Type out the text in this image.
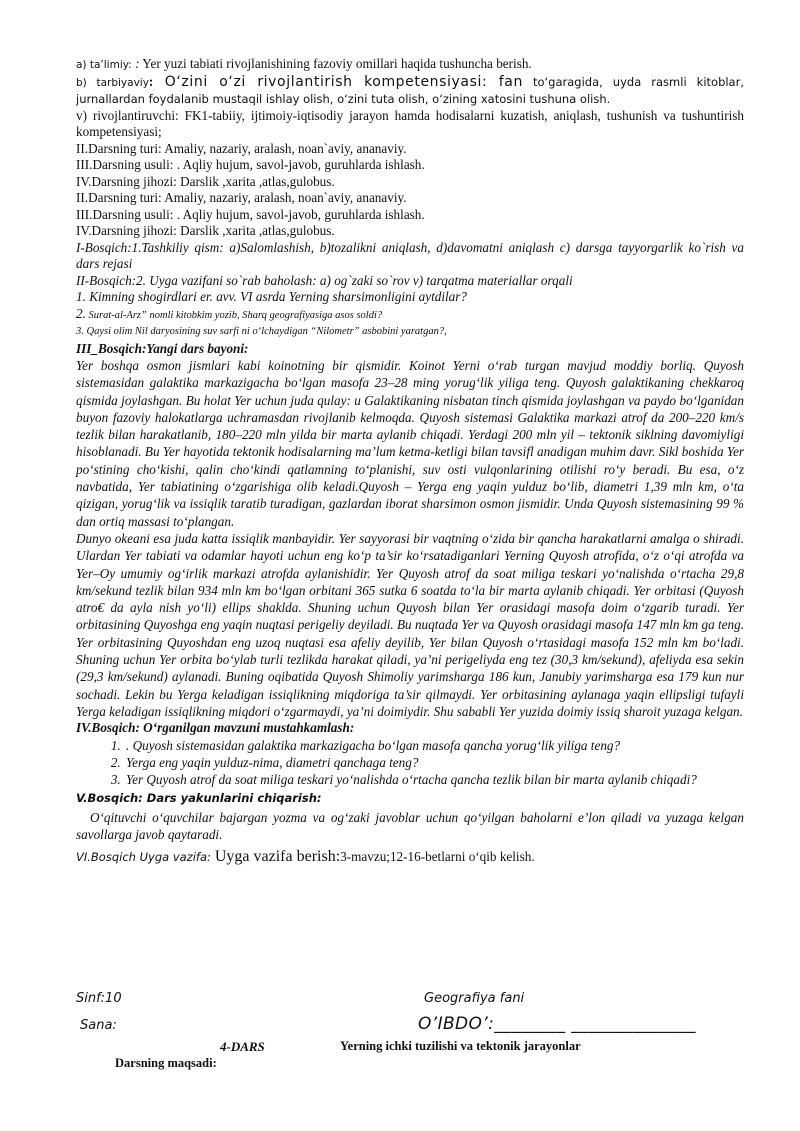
a) ta’limiy: : Yer yuzi tabiati rivojlanishining fazoviy omillari haqida tushuncha berish.

b) tarbiyaviy: O‘zini o‘zi rivojlantirish kompetensiyasi: fan to‘garagida, uyda rasmli kitoblar, jurnallardan foydalanib mustaqil ishlay olish, o‘zini tuta olish, o‘zining xatosini tushuna olish.

v) rivojlantiruvchi: FK1-tabiiy, ijtimoiy-iqtisodiy jarayon hamda hodisalarni kuzatish, aniqlash, tushunish va tushuntirish kompetensiyasi;

II.Darsning turi: Amaliy, nazariy, aralash, noan`aviy, ananaviy.

III.Darsning usuli: . Aqliy hujum, savol-javob, guruhlarda ishlash.

IV.Darsning jihozi: Darslik ,xarita ,atlas,gulobus.

II.Darsning turi: Amaliy, nazariy, aralash, noan`aviy, ananaviy.

III.Darsning usuli: . Aqliy hujum, savol-javob, guruhlarda ishlash.

IV.Darsning jihozi: Darslik ,xarita ,atlas,gulobus.

I-Bosqich:1.Tashkiliy qism: a)Salomlashish, b)tozalikni aniqlash, d)davomatni aniqlash c) darsga tayyorgarlik ko`rish va dars rejasi

II-Bosqich:2. Uyga vazifani so`rab baholash: a) og`zaki so`rov v) tarqatma materiallar orqali

1. Kimning shogirdlari er. avv. VI asrda Yerning sharsimonligini aytdilar?

2. Surat-al-Arz” nomli kitobkim yozib, Sharq geografiyasiga asos soldi?

3. Qaysi olim Nil daryosining suv sarfi ni o‘lchaydigan “Nilometr” asbobini yaratgan?,

III_Bosqich:Yangi dars bayoni:

Yer boshqa osmon jismlari kabi koinotning bir qismidir. Koinot Yerni o‘rab turgan mavjud moddiy borliq. Quyosh sistemasidan galaktika markazigacha bo‘lgan masofa 23–28 ming yorug‘lik yiliga teng. Quyosh galaktikaning chekkaroq qismida joylashgan. Bu holat Yer uchun juda qulay: u Galaktikaning nisbatan tinch qismida joylashgan va paydo bo‘lganidan buyon fazoviy halokatlarga uchramasdan rivojlanib kelmoqda. Quyosh sistemasi Galaktika markazi atrof da 200–220 km/s tezlik bilan harakatlanib, 180–220 mln yilda bir marta aylanib chiqadi. Yerdagi 200 mln yil – tektonik siklning davomiyligi hisoblanadi. Bu Yer hayotida tektonik hodisalarning ma’lum ketma-ketligi bilan tavsifl anadigan muhim davr. Sikl boshida Yer po‘stining cho‘kishi, qalin cho‘kindi qatlamning to‘planishi, suv osti vulqonlarining otilishi ro‘y beradi. Bu esa, o‘z navbatida, Yer tabiatining o‘zgarishiga olib keladi.Quyosh – Yerga eng yaqin yulduz bo‘lib, diametri 1,39 mln km, o‘ta qizigan, yorug‘lik va issiqlik taratib turadigan, gazlardan iborat sharsimon osmon jismidir. Unda Quyosh sistemasining 99 % dan ortiq massasi to‘plangan.

Dunyo okeani esa juda katta issiqlik manbayidir. Yer sayyorasi bir vaqtning o‘zida bir qancha harakatlarni amalga o shiradi. Ulardan Yer tabiati va odamlar hayoti uchun eng ko‘p ta’sir ko‘rsatadiganlari Yerning Quyosh atrofida, o‘z o‘qi atrofda va Yer–Oy umumiy og‘irlik markazi atrofda aylanishidir. Yer Quyosh atrof da soat miliga teskari yo‘nalishda o‘rtacha 29,8 km/sekund tezlik bilan 934 mln km bo‘lgan orbitani 365 sutka 6 soatda to‘la bir marta aylanib chiqadi. Yer orbitasi (Quyosh atro€ da ayla nish yo‘li) ellips shaklda. Shuning uchun Quyosh bilan Yer orasidagi masofa doim o‘zgarib turadi. Yer orbitasining Quyoshga eng yaqin nuqtasi perigeliy deyiladi. Bu nuqtada Yer va Quyosh orasidagi masofa 147 mln km ga teng. Yer orbitasining Quyoshdan eng uzoq nuqtasi esa afeliy deyilib, Yer bilan Quyosh o‘rtasidagi masofa 152 mln km bo‘ladi. Shuning uchun Yer orbita bo‘ylab turli tezlikda harakat qiladi, ya’ni perigeliyda eng tez (30,3 km/sekund), afeliyda esa sekin (29,3 km/sekund) aylanadi. Buning oqibatida Quyosh Shimoliy yarimsharga 186 kun, Janubiy yarimsharga esa 179 kun nur sochadi. Lekin bu Yerga keladigan issiqlikning miqdoriga ta’sir qilmaydi. Yer orbitasining aylanaga yaqin ellipsligi tufayli Yerga keladigan issiqlikning miqdori o‘zgarmaydi, ya’ni doimiydir. Shu sababli Yer yuzida doimiy issiq sharoit yuzaga kelgan.

IV.Bosqich: O‘rganilgan mavzuni mustahkamlash:

1. . Quyosh sistemasidan galaktika markazigacha bo‘lgan masofa qancha yorug‘lik yiliga teng?
2. Yerga eng yaqin yulduz-nima, diametri qanchaga teng?
3. Yer Quyosh atrof da soat miliga teskari yo‘nalishda o‘rtacha qancha tezlik bilan bir marta aylanib chiqadi?

V.Bosqich: Dars yakunlarini chiqarish:

O‘qituvchi o‘quvchilar bajargan yozma va og‘zaki javoblar uchun qo‘yilgan baholarni e’lon qiladi va yuzaga kelgan savollarga javob qaytaradi.

VI.Bosqich Uyga vazifa: Uyga vazifa berish:3-mavzu;12-16-betlarni o‘qib kelish.

Sinf:10	Geografiya fani
Sana:	O’IBDO’:________ ______________
4-DARS	Yerning ichki tuzilishi va tektonik jarayonlar
Darsning maqsadi:
